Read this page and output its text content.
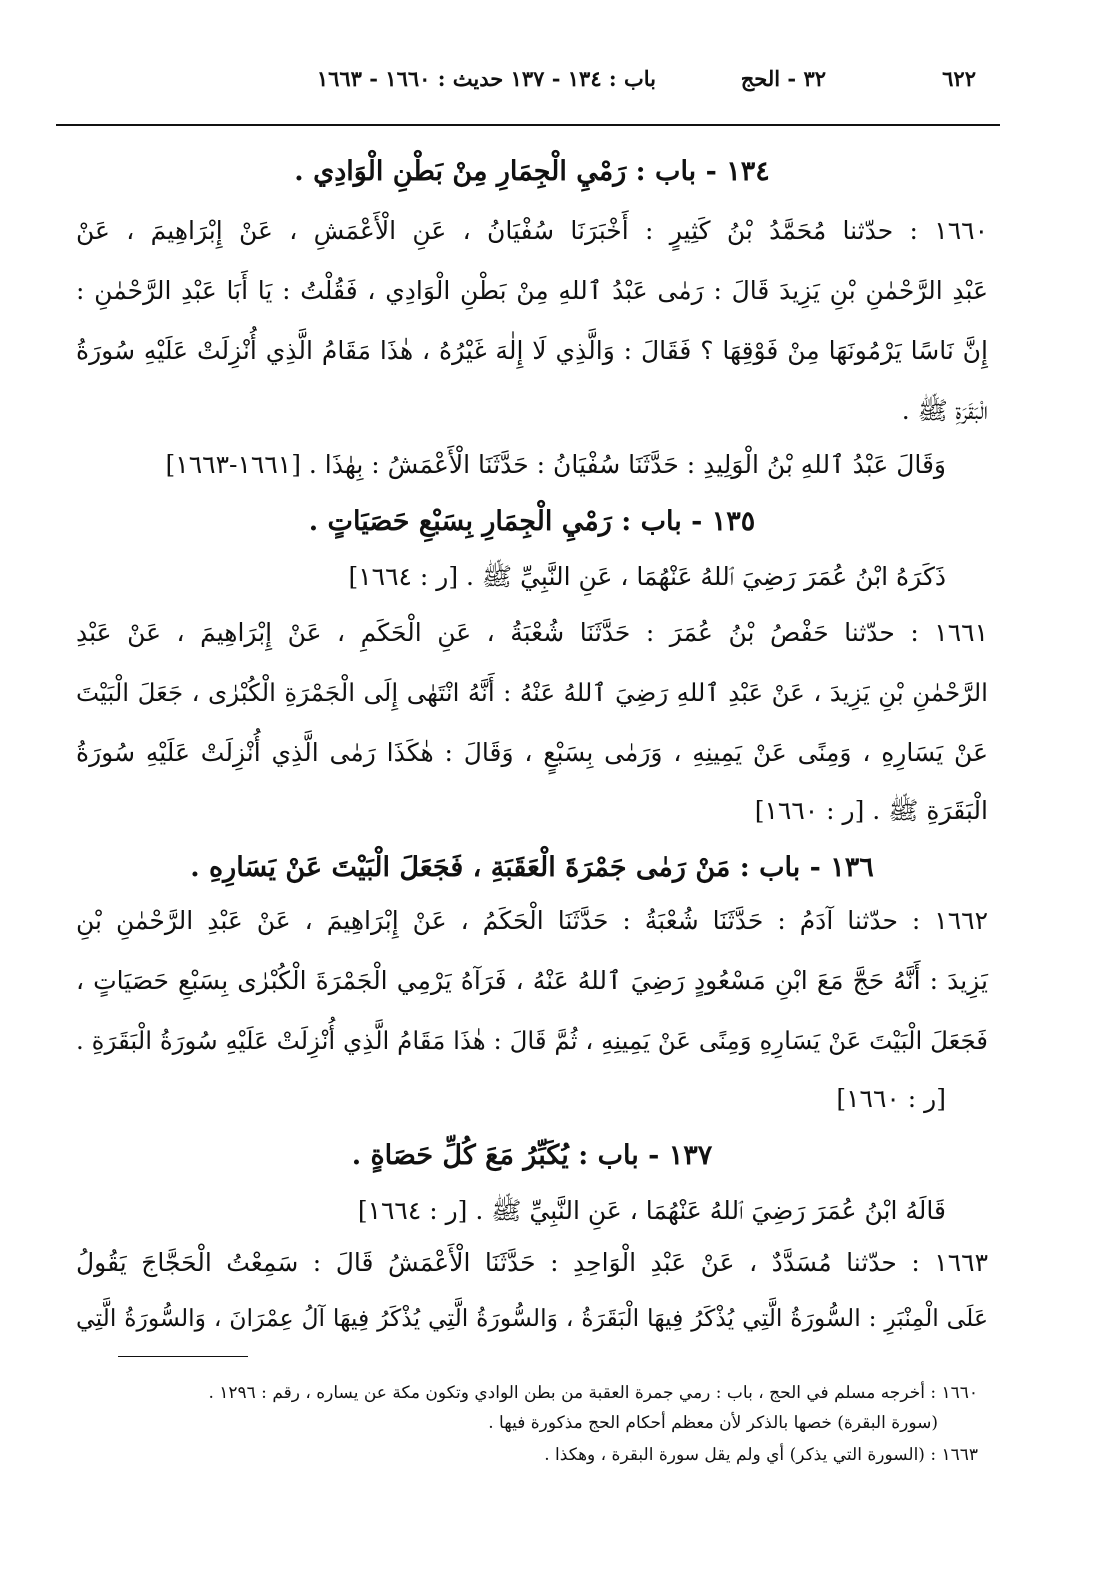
٦٢٢
٣٢ - الحج
باب : ١٣٤ - ١٣٧ حديث : ١٦٦٠ - ١٦٦٣
١٣٤ - باب : رَمْيِ الْجِمَارِ مِنْ بَطْنِ الْوَادِي .
١٦٦٠ : حدّثنا مُحَمَّدُ بْنُ كَثِيرٍ : أَخْبَرَنَا سُفْيَانُ ، عَنِ الْأَعْمَشِ ، عَنْ إِبْرَاهِيمَ ، عَنْ
عَبْدِ الرَّحْمٰنِ بْنِ يَزِيدَ قَالَ : رَمٰى عَبْدُ ٱللهِ مِنْ بَطْنِ الْوَادِي ، فَقُلْتُ : يَا أَبَا عَبْدِ الرَّحْمٰنِ :
إِنَّ نَاسًا يَرْمُونَهَا مِنْ فَوْقِهَا ؟ فَقَالَ : وَالَّذِي لَا إِلٰهَ غَيْرُهُ ، هٰذَا مَقَامُ الَّذِي أُنْزِلَتْ عَلَيْهِ سُورَةُ
الْبَقَرَةِ ﷺ .
وَقَالَ عَبْدُ ٱللهِ بْنُ الْوَلِيدِ : حَدَّثَنَا سُفْيَانُ : حَدَّثَنَا الْأَعْمَشُ : بِهٰذَا . [١٦٦١-١٦٦٣]
١٣٥ - باب : رَمْيِ الْجِمَارِ بِسَبْعِ حَصَيَاتٍ .
ذَكَرَهُ ابْنُ عُمَرَ رَضِيَ ٱللهُ عَنْهُمَا ، عَنِ النَّبِيِّ ﷺ . [ر : ١٦٦٤]
١٦٦١ : حدّثنا حَفْصُ بْنُ عُمَرَ : حَدَّثَنَا شُعْبَةُ ، عَنِ الْحَكَمِ ، عَنْ إِبْرَاهِيمَ ، عَنْ عَبْدِ
الرَّحْمٰنِ بْنِ يَزِيدَ ، عَنْ عَبْدِ ٱللهِ رَضِيَ ٱللهُ عَنْهُ : أَنَّهُ انْتَهٰى إِلَى الْجَمْرَةِ الْكُبْرٰى ، جَعَلَ الْبَيْتَ
عَنْ يَسَارِهِ ، وَمِنًى عَنْ يَمِينِهِ ، وَرَمٰى بِسَبْعٍ ، وَقَالَ : هٰكَذَا رَمٰى الَّذِي أُنْزِلَتْ عَلَيْهِ سُورَةُ
الْبَقَرَةِ ﷺ . [ر : ١٦٦٠]
١٣٦ - باب : مَنْ رَمٰى جَمْرَةَ الْعَقَبَةِ ، فَجَعَلَ الْبَيْتَ عَنْ يَسَارِهِ .
١٦٦٢ : حدّثنا آدَمُ : حَدَّثَنَا شُعْبَةُ : حَدَّثَنَا الْحَكَمُ ، عَنْ إِبْرَاهِيمَ ، عَنْ عَبْدِ الرَّحْمٰنِ بْنِ
يَزِيدَ : أَنَّهُ حَجَّ مَعَ ابْنِ مَسْعُودٍ رَضِيَ ٱللهُ عَنْهُ ، فَرَآهُ يَرْمِي الْجَمْرَةَ الْكُبْرٰى بِسَبْعِ حَصَيَاتٍ ،
فَجَعَلَ الْبَيْتَ عَنْ يَسَارِهِ وَمِنًى عَنْ يَمِينِهِ ، ثُمَّ قَالَ : هٰذَا مَقَامُ الَّذِي أُنْزِلَتْ عَلَيْهِ سُورَةُ الْبَقَرَةِ .
[ر : ١٦٦٠]
١٣٧ - باب : يُكَبِّرُ مَعَ كُلِّ حَصَاةٍ .
قَالَهُ ابْنُ عُمَرَ رَضِيَ ٱللهُ عَنْهُمَا ، عَنِ النَّبِيِّ ﷺ . [ر : ١٦٦٤]
١٦٦٣ : حدّثنا مُسَدَّدٌ ، عَنْ عَبْدِ الْوَاحِدِ : حَدَّثَنَا الْأَعْمَشُ قَالَ : سَمِعْتُ الْحَجَّاجَ يَقُولُ
عَلَى الْمِنْبَرِ : السُّورَةُ الَّتِي يُذْكَرُ فِيهَا الْبَقَرَةُ ، وَالسُّورَةُ الَّتِي يُذْكَرُ فِيهَا آلُ عِمْرَانَ ، وَالسُّورَةُ الَّتِي
١٦٦٠ : أخرجه مسلم في الحج ، باب : رمي جمرة العقبة من بطن الوادي وتكون مكة عن يساره ، رقم : ١٢٩٦ .
(سورة البقرة) خصها بالذكر لأن معظم أحكام الحج مذكورة فيها .
١٦٦٣ : (السورة التي يذكر) أي ولم يقل سورة البقرة ، وهكذا .
